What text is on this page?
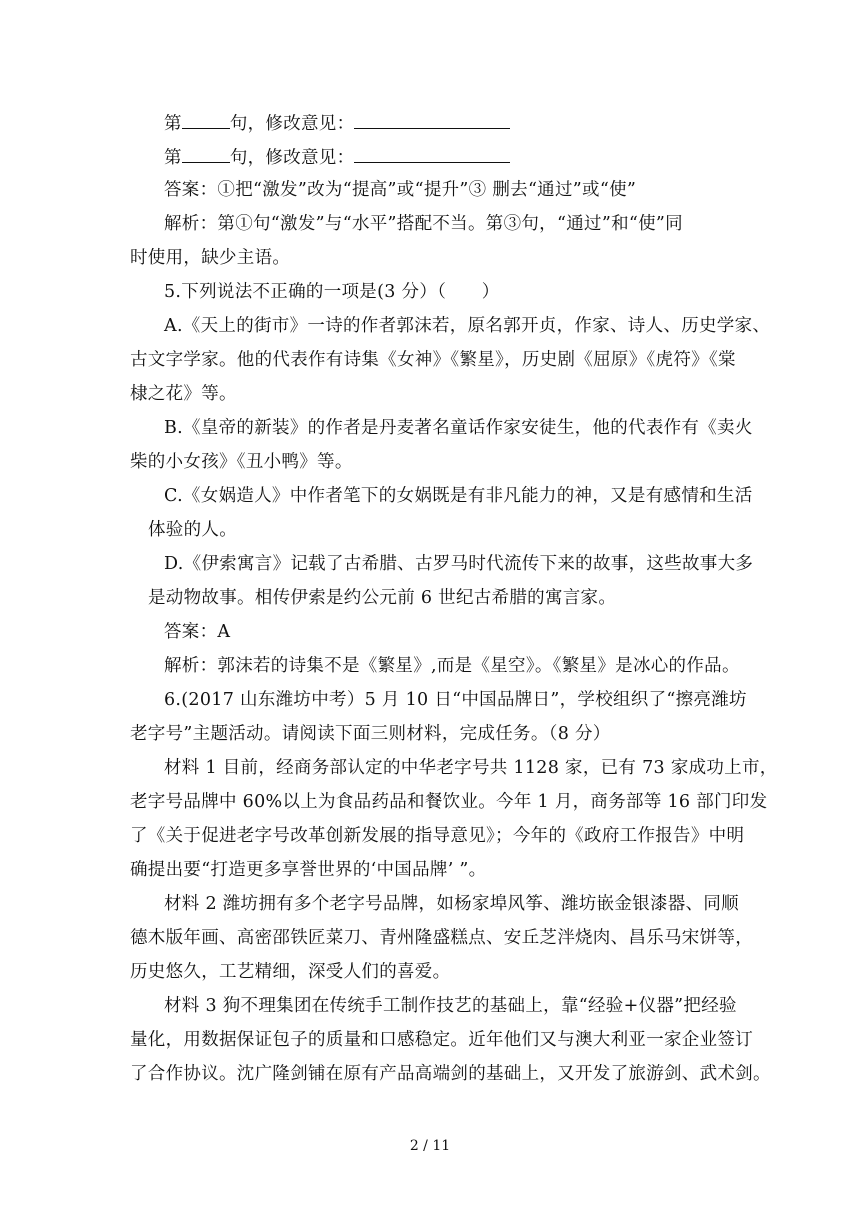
第	句，修改意见：
第	句，修改意见：
答案：①把“激发”改为“提高”或“提升”③ 删去“通过”或“使”
解析：第①句“激发”与“水平”搭配不当。第③句，“通过”和“使”同
时使用，缺少主语。
5.下列说法不正确的一项是(3 分）（　　）
A.《天上的街市》一诗的作者郭沫若，原名郭开贞，作家、诗人、历史学家、
古文字学家。他的代表作有诗集《女神》《繁星》，历史剧《屈原》《虎符》《棠
棣之花》等。
B.《皇帝的新装》的作者是丹麦著名童话作家安徒生，他的代表作有《卖火
柴的小女孩》《丑小鸭》等。
C.《女娲造人》中作者笔下的女娲既是有非凡能力的神，又是有感情和生活
体验的人。
D.《伊索寓言》记载了古希腊、古罗马时代流传下来的故事，这些故事大多
是动物故事。相传伊索是约公元前 6 世纪古希腊的寓言家。
答案：A
解析：郭沫若的诗集不是《繁星》,而是《星空》。《繁星》是冰心的作品。
6.(2017 山东潍坊中考）5 月 10 日“中国品牌日”，学校组织了“擦亮潍坊
老字号”主题活动。请阅读下面三则材料，完成任务。（8 分）
材料 1 目前，经商务部认定的中华老字号共 1128 家，已有 73 家成功上市，
老字号品牌中 60%以上为食品药品和餐饮业。今年 1 月，商务部等 16 部门印发
了《关于促进老字号改革创新发展的指导意见》；今年的《政府工作报告》中明
确提出要“打造更多享誉世界的‘中国品牌’ ”。
材料 2 潍坊拥有多个老字号品牌，如杨家埠风筝、潍坊嵌金银漆器、同顺
德木版年画、高密邵铁匠菜刀、青州隆盛糕点、安丘芝泮烧肉、昌乐马宋饼等，
历史悠久，工艺精细，深受人们的喜爱。
材料 3 狗不理集团在传统手工制作技艺的基础上，靠“经验+仪器”把经验
量化，用数据保证包子的质量和口感稳定。近年他们又与澳大利亚一家企业签订
了合作协议。沈广隆剑铺在原有产品高端剑的基础上，又开发了旅游剑、武术剑。
2 / 11
